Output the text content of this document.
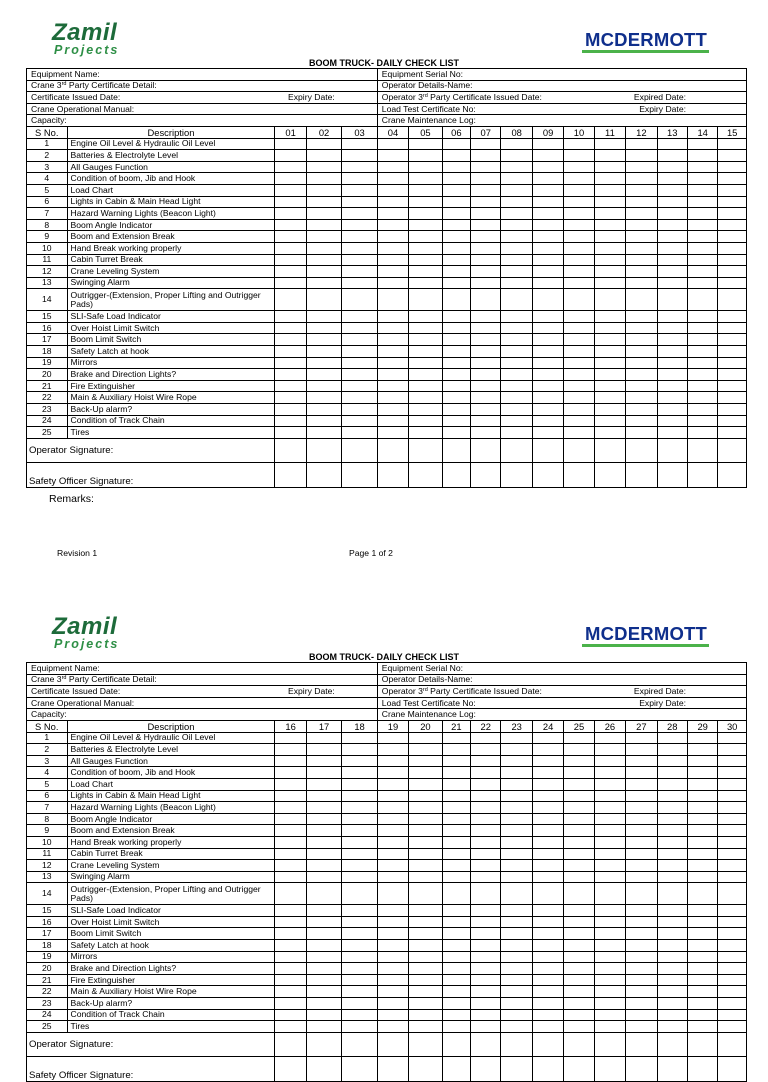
Zamil
Projects	MCDERMOTT
BOOM TRUCK- DAILY CHECK LIST
Equipment Name:					Equipment Serial No:											
Crane 3rd Party Certificate Detail:					Operator Details-Name:											

Certificate Issued Date: Expiry Date:					Operator 3rd Party Certificate Issued Date: Expired Date:											

Crane Operational Manual:					Load Test Certificate No: Expiry Date:											

Capacity:					Crane Maintenance Log:											
S No.	Description	01	02	03	04	05	06	07	08	09	10	11	12	13	14	15
1	Engine Oil Level & Hydraulic Oil Level															
2	Batteries & Electrolyte Level															
3	All Gauges Function															
4	Condition of boom, Jib and Hook															
5	Load Chart															
6	Lights in Cabin & Main Head Light															
7	Hazard Warning Lights (Beacon Light)															
8	Boom Angle Indicator															
9	Boom and Extension Break															
10	Hand Break working properly															
11	Cabin Turret Break															
12	Crane Leveling System															
13	Swinging Alarm															
14	Outrigger-(Extension, Proper Lifting and Outrigger Pads)															
15	SLI-Safe Load Indicator															
16	Over Hoist Limit Switch															
17	Boom Limit Switch															
18	Safety Latch at hook															
19	Mirrors															
20	Brake and Direction Lights?															
21	Fire Extinguisher															
22	Main & Auxiliary Hoist Wire Rope															
23	Back-Up alarm?															
24	Condition of Track Chain															
25	Tires															
Operator Signature:																
Safety Officer Signature:																
Remarks:
Revision 1	Page 1 of 2
Zamil
Projects	MCDERMOTT
BOOM TRUCK- DAILY CHECK LIST
Equipment Name:					Equipment Serial No:											
Crane 3rd Party Certificate Detail:					Operator Details-Name:											

Certificate Issued Date: Expiry Date:					Operator 3rd Party Certificate Issued Date: Expired Date:											

Crane Operational Manual:					Load Test Certificate No: Expiry Date:											

Capacity:					Crane Maintenance Log:											
S No.	Description	16	17	18	19	20	21	22	23	24	25	26	27	28	29	30
1	Engine Oil Level & Hydraulic Oil Level															
2	Batteries & Electrolyte Level															
3	All Gauges Function															
4	Condition of boom, Jib and Hook															
5	Load Chart															
6	Lights in Cabin & Main Head Light															
7	Hazard Warning Lights (Beacon Light)															
8	Boom Angle Indicator															
9	Boom and Extension Break															
10	Hand Break working properly															
11	Cabin Turret Break															
12	Crane Leveling System															
13	Swinging Alarm															
14	Outrigger-(Extension, Proper Lifting and Outrigger Pads)															
15	SLI-Safe Load Indicator															
16	Over Hoist Limit Switch															
17	Boom Limit Switch															
18	Safety Latch at hook															
19	Mirrors															
20	Brake and Direction Lights?															
21	Fire Extinguisher															
22	Main & Auxiliary Hoist Wire Rope															
23	Back-Up alarm?															
24	Condition of Track Chain															
25	Tires															
Operator Signature:																
Safety Officer Signature:																
